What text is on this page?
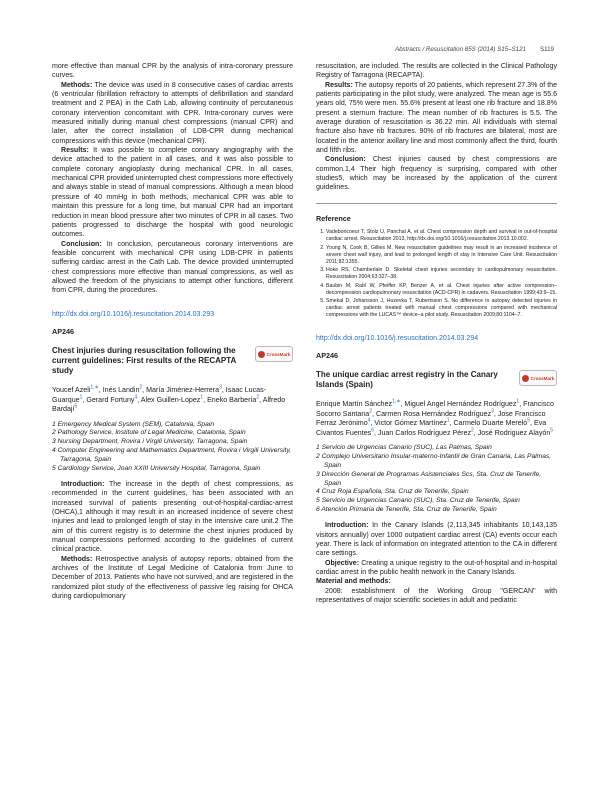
Abstracts / Resuscitation 85S (2014) S15–S121 S119

more effective than manual CPR by the analysis of intra-coronary pressure curves.

Methods: The device was used in 8 consecutive cases of cardiac arrests (6 ventricular fibrillation refractory to attempts of defibrillation and standard treatment and 2 PEA) in the Cath Lab, allowing continuity of percutaneous coronary intervention concomitant with CPR. Intra-coronary curves were measured initially during manual chest compressions (manual CPR) and later, after the correct installation of LDB-CPR during mechanical compressions with this device (mechanical CPR).

Results: It was possible to complete coronary angiography with the device attached to the patient in all cases, and it was also possible to complete coronary angioplasty during mechanical CPR. In all cases, mechanical CPR provided uninterrupted chest compressions more effectively and always stable in stead of manual compressions. Although a mean blood pressure of 40 mmHg in both methods, mechanical CPR was able to maintain this pressure for a long time, but manual CPR had an important reduction in mean blood pressure after two minutes of CPR in all cases. Two patients progressed to discharge the hospital with good neurologic outcomes.

Conclusion: In conclusion, percutaneous coronary interventions are feasible concurrent with mechanical CPR using LDB-CPR in patients suffering cardiac arrest in the Cath Lab. The device provided uninterrupted chest compressions more effective than manual compressions, as well as allowed the freedom of the physicians to attempt other functions, different from CPR, during the procedures.

http://dx.doi.org/10.1016/j.resuscitation.2014.03.293

AP246

Chest injuries during resuscitation following the current guidelines: First results of the RECAPTA study
CrossMark

Youcef Azeli$^{1,∗}$, Inés Landin$^2$, María Jiménez-Herrera$^3$, Isaac Lucas-Guarque$^1$, Gerard Fortuny$^4$, Alex Guillen-Lopez$^1$, Eneko Barbería$^2$, Alfredo Bardají$^5$

1 Emergency Medical System (SEM), Catalonia, Spain
2 Pathology Service, Institute of Legal Medicine, Catalonia, Spain
3 Nursing Department, Rovira i Virgili University, Tarragona, Spain
4 Computer Engineering and Mathematics Department, Rovira i Virgili University, Tarragona, Spain
5 Cardiology Service, Joan XXIII University Hospital, Tarragona, Spain

Introduction: The increase in the depth of chest compressions, as recommended in the current guidelines, has been associated with an increased survival of patients presenting out-of-hospital-cardiac-arrest (OHCA),1 although it may result in an increased incidence of severe chest injuries and lead to prolonged length of stay in the intensive care unit.2 The aim of this current registry is to determine the chest injuries produced by manual compressions performed according to the guidelines of current clinical practice.

Methods: Retrospective analysis of autopsy reports, obtained from the archives of the Institute of Legal Medicine of Catalonia from June to December of 2013. Patients who have not survived, and are registered in the randomized pilot study of the effectiveness of passive leg raising for OHCA during cardiopulmonary

resuscitation, are included. The results are collected in the Clinical Pathology Registry of Tarragona (RECAPTA).

Results: The autopsy reports of 20 patients, which represent 27.3% of the patients participating in the pilot study, were analyzed. The mean age is 55.6 years old, 75% were men. 55.6% present at least one rib fracture and 18.8% present a sternum fracture. The mean number of rib fractures is 5.5. The average duration of resuscitation is 36.22 min. All individuals with sternal fracture also have rib fractures. 90% of rib fractures are bilateral, most are located in the anterior axillary line and most commonly affect the third, fourth and fifth ribs.

Conclusion: Chest injuries caused by chest compressions are common.1,4 Their high frequency is surprising, compared with other studies5, which may be increased by the application of the current guidelines.

Reference
1. Vadeboncoeur T, Stolz U, Panchal A, et al. Chest compression depth and survival in out-of-hospital cardiac arrest. Resuscitation 2013, http://dx.doi.org/10.1016/j.resuscitation.2013.10.002.
2. Young N, Cook B, Gillies M. New resuscitation guidelines may result in an increased incidence of severe chest wall injury, and lead to prolonged length of stay in Intensive Care Unit. Resuscitation 2011;82:1355.
3. Hoke RS, Chamberlain D. Skeletal chest injuries secondary to cardiopulmonary resuscitation. Resuscitation 2004;63:327–38.
4. Baubin M, Rabl W, Pfeiffer KP, Benzer A, et al. Chest injuries after active compression–decompression cardiopulmonary resuscitation (ACD-CPR) in cadavers. Resuscitation 1999;43:9–15.
5. Smekal D, Johansson J, Huzevka T, Rubertsson S. No difference in autopsy detected injuries in cardiac arrest patients treated with manual chest compressions compared with mechanical compressions with the LUCAS™ device–a pilot study. Resuscitation 2009;80:1104–7.

http://dx.doi.org/10.1016/j.resuscitation.2014.03.294

AP246

The unique cardiac arrest registry in the Canary Islands (Spain)
CrossMark

Enrique Martín Sánchez$^{1,∗}$, Miguel Angel Hernández Rodríguez$^1$, Francisco Socorro Santana$^2$, Carmen Rosa Hernández Rodríguez$^3$, Jose Francisco Ferraz Jerónimo$^4$, Victor Gómez Martínez$^1$, Carmelo Duarte Mereló$^5$, Eva Civantos Fuentes$^6$, Juan Carlos Rodríguez Pérez$^2$, José Rodriguez Alayón$^5$

1 Servicio de Urgencias Canario (SUC), Las Palmas, Spain
2 Complejo Universitario Insular-materno-Infantil de Gran Canaria, Las Palmas, Spain
3 Dirección General de Programas Asistenciales Scs, Sta. Cruz de Tenerife, Spain
4 Cruz Roja Española, Sta. Cruz de Tenerife, Spain
5 Servicio de Urgencias Canario (SUC), Sta. Cruz de Tenerife, Spain
6 Atención Primaria de Tenerife, Sta. Cruz de Tenerife, Spain

Introduction: In the Canary Islands (2,113,345 inhabitants 10,143,135 visitors annually) over 1000 outpatient cardiac arrest (CA) events occur each year. There is lack of information on integrated attention to the CA in different care settings.

Objective: Creating a unique registry to the out-of-hospital and in-hospital cardiac arrest in the public health network in the Canary Islands.

Material and methods:

2008: establishment of the Working Group "GERCAN" with representatives of major scientific societies in adult and pediatric
